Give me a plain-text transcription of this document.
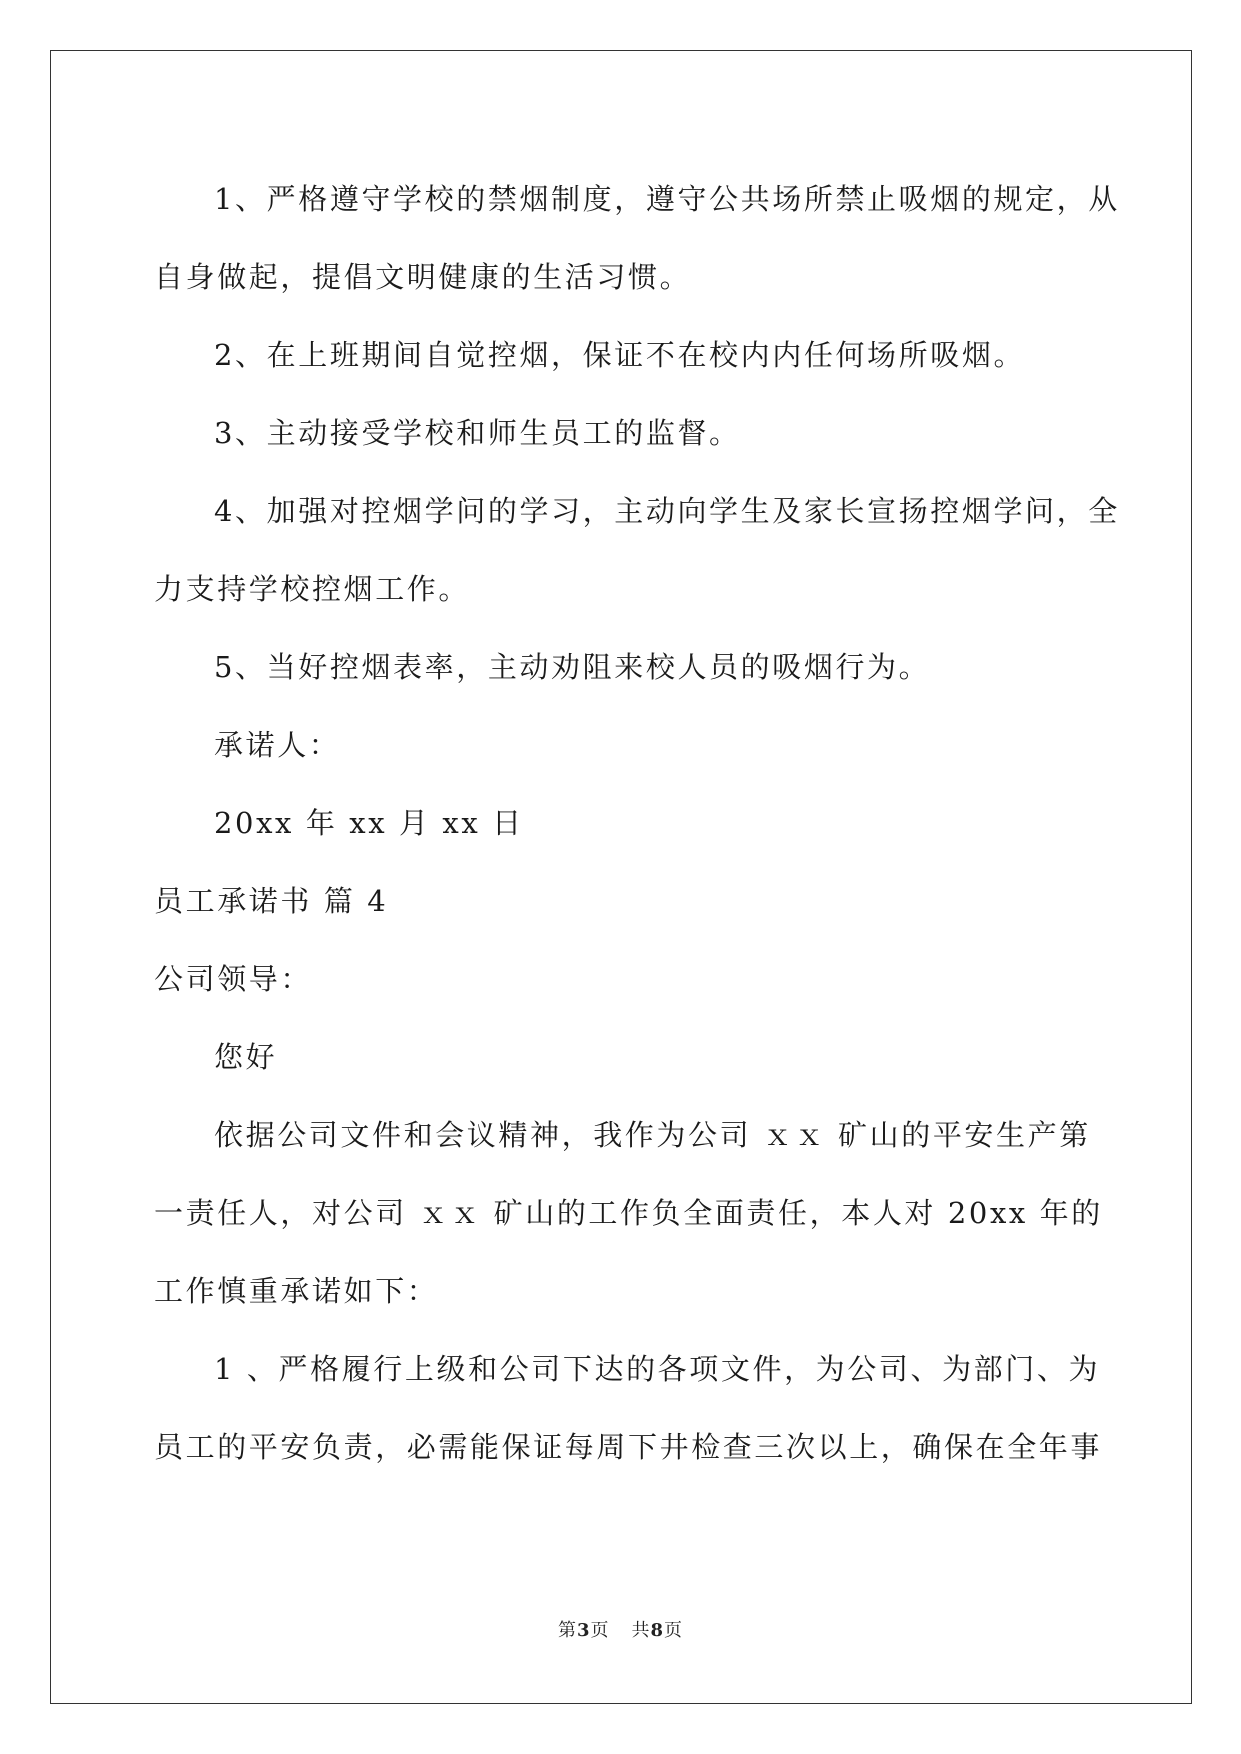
1、严格遵守学校的禁烟制度，遵守公共场所禁止吸烟的规定，从
自身做起，提倡文明健康的生活习惯。

2、在上班期间自觉控烟，保证不在校内内任何场所吸烟。

3、主动接受学校和师生员工的监督。

4、加强对控烟学问的学习，主动向学生及家长宣扬控烟学问，全
力支持学校控烟工作。

5、当好控烟表率，主动劝阻来校人员的吸烟行为。

承诺人：

20xx 年 xx 月 xx 日

员工承诺书 篇 4

公司领导：

您好

依据公司文件和会议精神，我作为公司 ｘｘ 矿山的平安生产第
一责任人，对公司 ｘｘ 矿山的工作负全面责任，本人对 20xx 年的
工作慎重承诺如下：

1 、严格履行上级和公司下达的各项文件，为公司、为部门、为
员工的平安负责，必需能保证每周下井检查三次以上，确保在全年事

第3页 共8页
